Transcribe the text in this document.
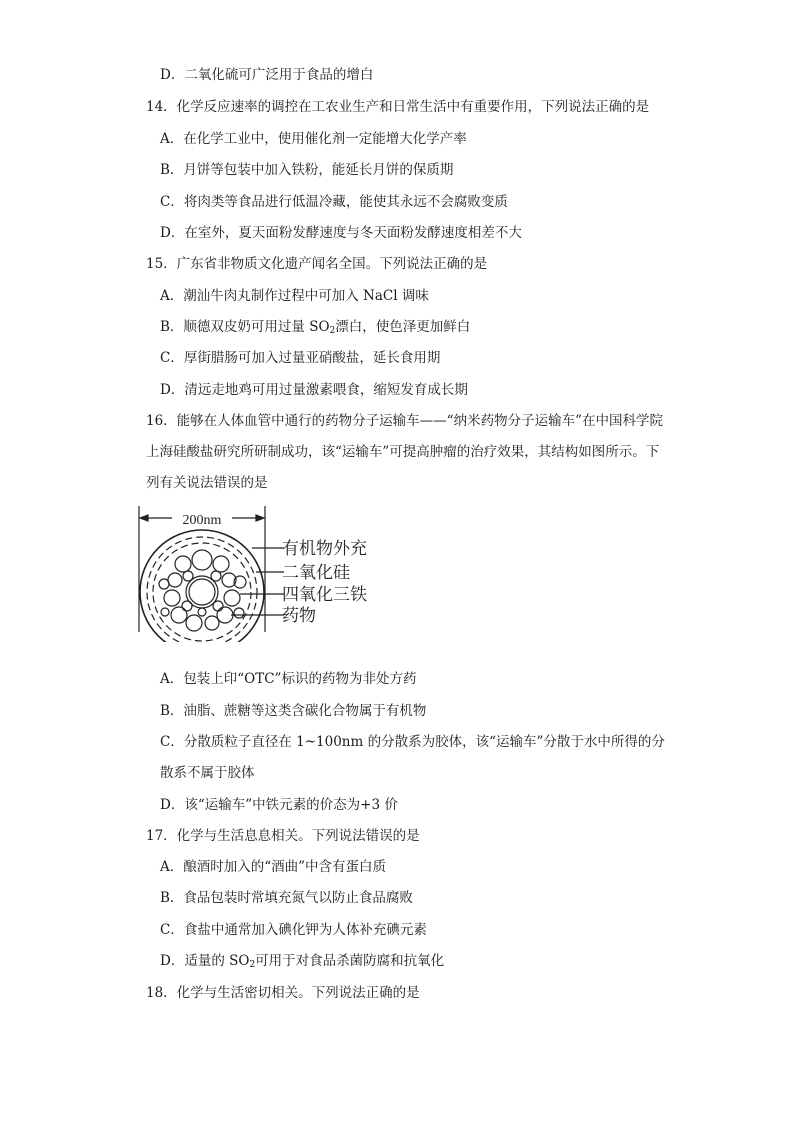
D．二氧化硫可广泛用于食品的增白
14．化学反应速率的调控在工农业生产和日常生活中有重要作用，下列说法正确的是
A．在化学工业中，使用催化剂一定能增大化学产率
B．月饼等包装中加入铁粉，能延长月饼的保质期
C．将肉类等食品进行低温冷藏，能使其永远不会腐败变质
D．在室外，夏天面粉发酵速度与冬天面粉发酵速度相差不大
15．广东省非物质文化遗产闻名全国。下列说法正确的是
A．潮汕牛肉丸制作过程中可加入 NaCl 调味
B．顺德双皮奶可用过量 $SO_2$漂白，使色泽更加鲜白
C．厚街腊肠可加入过量亚硝酸盐，延长食用期
D．清远走地鸡可用过量激素喂食，缩短发育成长期
16．能够在人体血管中通行的药物分子运输车——“纳米药物分子运输车”在中国科学院
上海硅酸盐研究所研制成功，该“运输车”可提高肿瘤的治疗效果，其结构如图所示。下
列有关说法错误的是
200nm
有机物外充
二氧化硅
四氧化三铁
药物
A．包装上印“OTC”标识的药物为非处方药
B．油脂、蔗糖等这类含碳化合物属于有机物
C．分散质粒子直径在 1~100nm 的分散系为胶体，该“运输车”分散于水中所得的分
散系不属于胶体
D．该“运输车”中铁元素的价态为+3 价
17．化学与生活息息相关。下列说法错误的是
A．酿酒时加入的“酒曲”中含有蛋白质
B．食品包装时常填充氮气以防止食品腐败
C．食盐中通常加入碘化钾为人体补充碘元素
D．适量的 $SO_2$可用于对食品杀菌防腐和抗氧化
18．化学与生活密切相关。下列说法正确的是
